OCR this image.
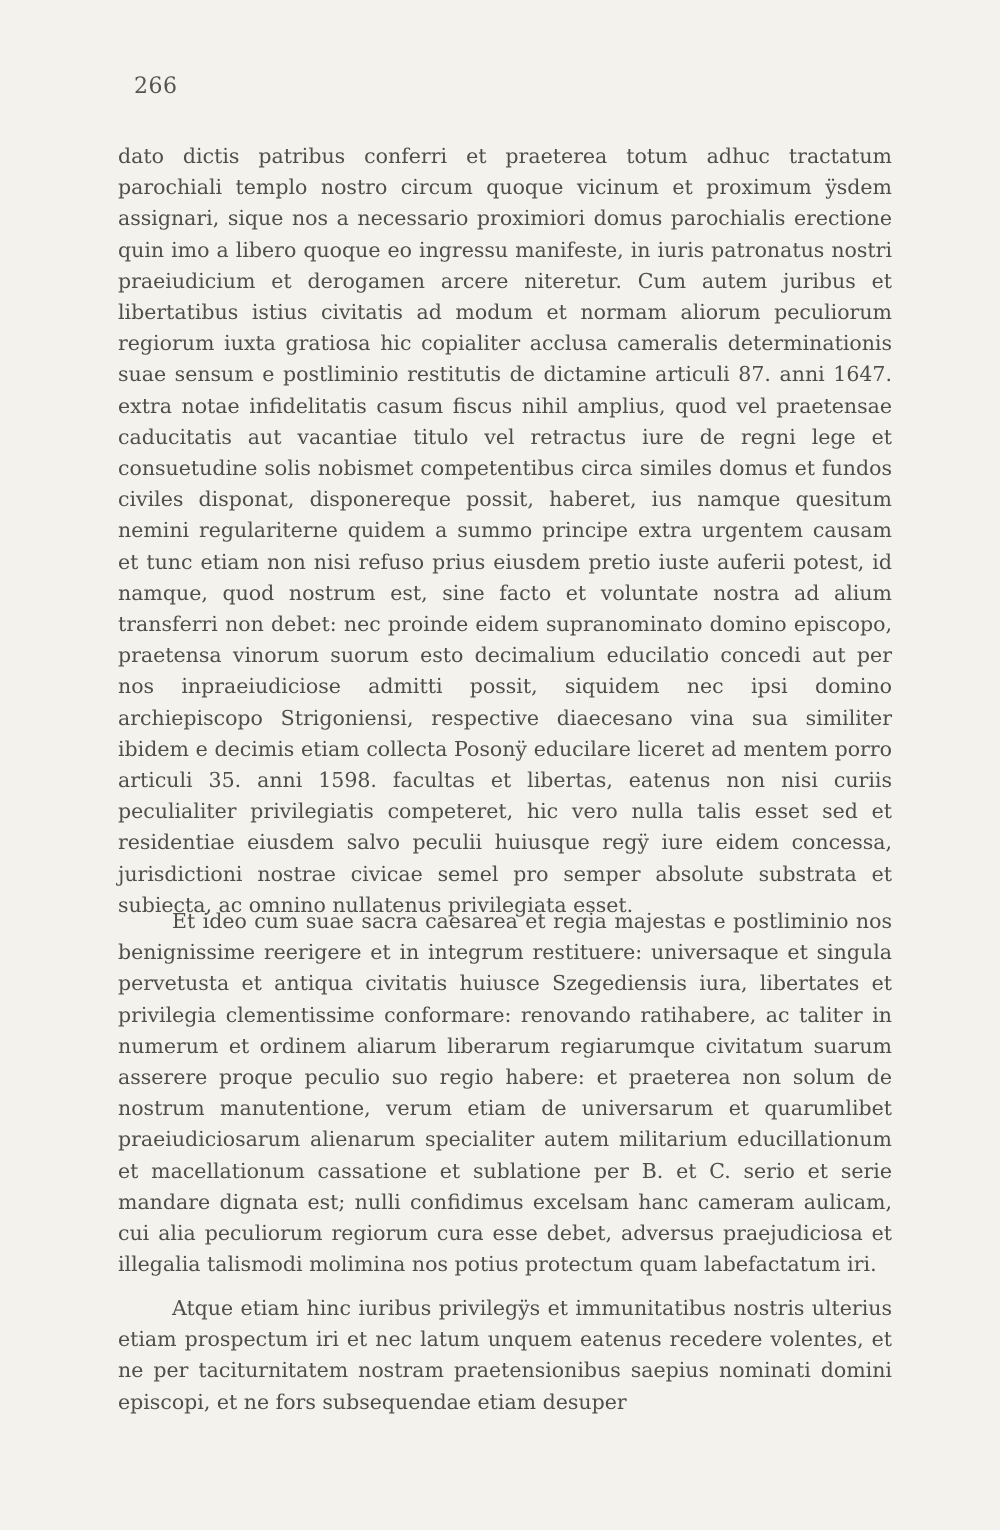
266

dato dictis patribus conferri et praeterea totum adhuc tractatum parochiali templo nostro circum quoque vicinum et proximum ÿsdem assignari, sique nos a necessario proximiori domus parochialis erectione quin imo a libero quoque eo ingressu manifeste, in iuris patronatus nostri praeiudicium et derogamen arcere niteretur. Cum autem juribus et libertatibus istius civitatis ad modum et normam aliorum peculiorum regiorum iuxta gratiosa hic copialiter acclusa cameralis determinationis suae sensum e postliminio restitutis de dictamine articuli 87. anni 1647. extra notae infidelitatis casum fiscus nihil amplius, quod vel praetensae caducitatis aut vacantiae titulo vel retractus iure de regni lege et consuetudine solis nobismet competentibus circa similes domus et fundos civiles disponat, disponereque possit, haberet, ius namque quesitum nemini regulariterne quidem a summo principe extra urgentem causam et tunc etiam non nisi refuso prius eiusdem pretio iuste auferii potest, id namque, quod nostrum est, sine facto et voluntate nostra ad alium transferri non debet: nec proinde eidem supranominato domino episcopo, praetensa vinorum suorum esto decimalium educilatio concedi aut per nos inpraeiudiciose admitti possit, siquidem nec ipsi domino archiepiscopo Strigoniensi, respective diaecesano vina sua similiter ibidem e decimis etiam collecta Posonÿ educilare liceret ad mentem porro articuli 35. anni 1598. facultas et libertas, eatenus non nisi curiis peculialiter privilegiatis competeret, hic vero nulla talis esset sed et residentiae eiusdem salvo peculii huiusque regÿ iure eidem concessa, jurisdictioni nostrae civicae semel pro semper absolute substrata et subiecta, ac omnino nullatenus privilegiata esset.

Et ideo cum suae sacra caesarea et regia majestas e postliminio nos benignissime reerigere et in integrum restituere: universaque et singula pervetusta et antiqua civitatis huiusce Szegediensis iura, libertates et privilegia clementissime conformare: renovando ratihabere, ac taliter in numerum et ordinem aliarum liberarum regiarumque civitatum suarum asserere proque peculio suo regio habere: et praeterea non solum de nostrum manutentione, verum etiam de universarum et quarumlibet praeiudiciosarum alienarum specialiter autem militarium educillationum et macellationum cassatione et sublatione per B. et C. serio et serie mandare dignata est; nulli confidimus excelsam hanc cameram aulicam, cui alia peculiorum regiorum cura esse debet, adversus praejudiciosa et illegalia talismodi molimina nos potius protectum quam labefactatum iri.

Atque etiam hinc iuribus privilegÿs et immunitatibus nostris ulterius etiam prospectum iri et nec latum unquem eatenus recedere volentes, et ne per taciturnitatem nostram praetensionibus saepius nominati domini episcopi, et ne fors subsequendae etiam desuper
